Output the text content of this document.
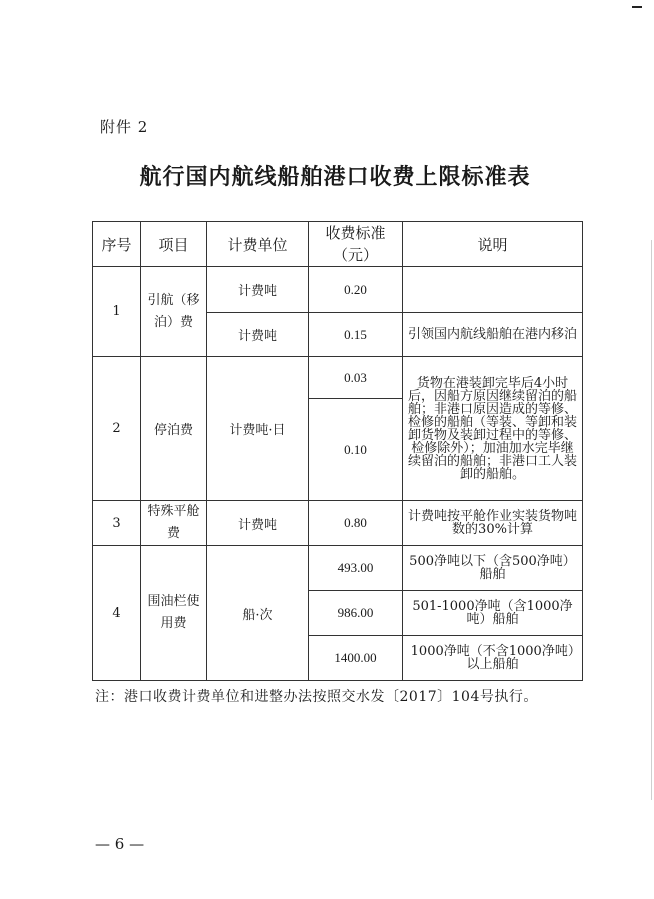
附件 2
航行国内航线船舶港口收费上限标准表
序号	项目	计费单位	收费标准（元）	说明
1	引航（移泊）费	计费吨	0.20	
		计费吨	0.15	引领国内航线船舶在港内移泊
2	停泊费	计费吨·日	0.03	货物在港装卸完毕后4小时后，因船方原因继续留泊的船舶；非港口原因造成的等修、检修的船舶（等装、等卸和装卸货物及装卸过程中的等修、检修除外）；加油加水完毕继续留泊的船舶；非港口工人装卸的船舶。
			0.10	
3	特殊平舱费	计费吨	0.80	计费吨按平舱作业实装货物吨数的30%计算
4	围油栏使用费	船·次	493.00	500净吨以下（含500净吨）船舶
			986.00	501-1000净吨（含1000净吨）船舶
			1400.00	1000净吨（不含1000净吨）以上船舶
注：港口收费计费单位和进整办法按照交水发〔2017〕104号执行。
— 6 —
